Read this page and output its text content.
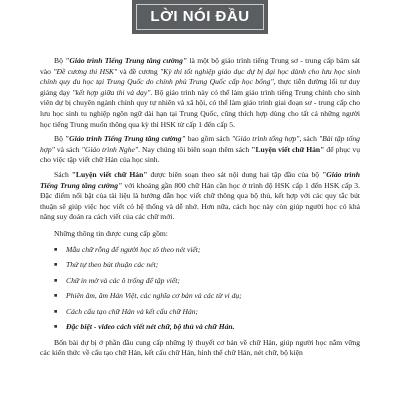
LỜI NÓI ĐẦU

Bộ "Giáo trình Tiếng Trung tăng cường" là một bộ giáo trình tiếng Trung sơ - trung cấp bám sát vào "Đề cương thi HSK" và đề cương "Kỳ thi tốt nghiệp giáo dục dự bị đại học dành cho lưu học sinh chính quy du học tại Trung Quốc do chính phủ Trung Quốc cấp học bổng", thực tiễn đường lối tư duy giảng dạy "kết hợp giữa thi và dạy". Bộ giáo trình này có thể làm giáo trình tiếng Trung chính cho sinh viên dự bị chuyên ngành chính quy tự nhiên và xã hội, có thể làm giáo trình giai đoạn sơ - trung cấp cho lưu học sinh tu nghiệp ngôn ngữ dài hạn tại Trung Quốc, cũng thích hợp dùng cho tất cả những người học tiếng Trung muốn thông qua kỳ thi HSK từ cấp 1 đến cấp 5.

Bộ "Giáo trình Tiếng Trung tăng cường" bao gồm sách "Giáo trình tổng hợp", sách "Bài tập tổng hợp" và sách "Giáo trình Nghe". Nay chúng tôi biên soạn thêm sách "Luyện viết chữ Hán" để phục vụ cho việc tập viết chữ Hán của học sinh.

Sách "Luyện viết chữ Hán" được biên soạn theo sát nội dung hai tập đầu của bộ "Giáo trình Tiếng Trung tăng cường" với khoảng gần 800 chữ Hán cần học ở trình độ HSK cấp 1 đến HSK cấp 3. Đặc điểm nổi bật của tài liệu là hướng dẫn học viết chữ thông qua bộ thủ, kết hợp với các quy tắc bút thuận sẽ giúp việc học viết có hệ thống và dễ nhớ. Hơn nữa, cách học này còn giúp người học có khả năng suy đoán ra cách viết của các chữ mới.

Những thông tin được cung cấp gồm:

■ Mẫu chữ rỗng để người học tô theo nét viết;
■ Thứ tự theo bút thuận các nét;
■ Chữ in mờ và các ô trống để tập viết;
■ Phiên âm, âm Hán Việt, các nghĩa cơ bản và các từ vi dụ;
■ Cách cấu tạo chữ Hán và kết cấu chữ Hán;
■ Đặc biệt - video cách viết nét chữ, bộ thủ và chữ Hán.

Bốn bài dự bị ở phần đầu cung cấp những lý thuyết cơ bản về chữ Hán, giúp người học nắm vững các kiến thức về cấu tạo chữ Hán, kết cấu chữ Hán, hình thể chữ Hán, nét chữ, bộ kiện
